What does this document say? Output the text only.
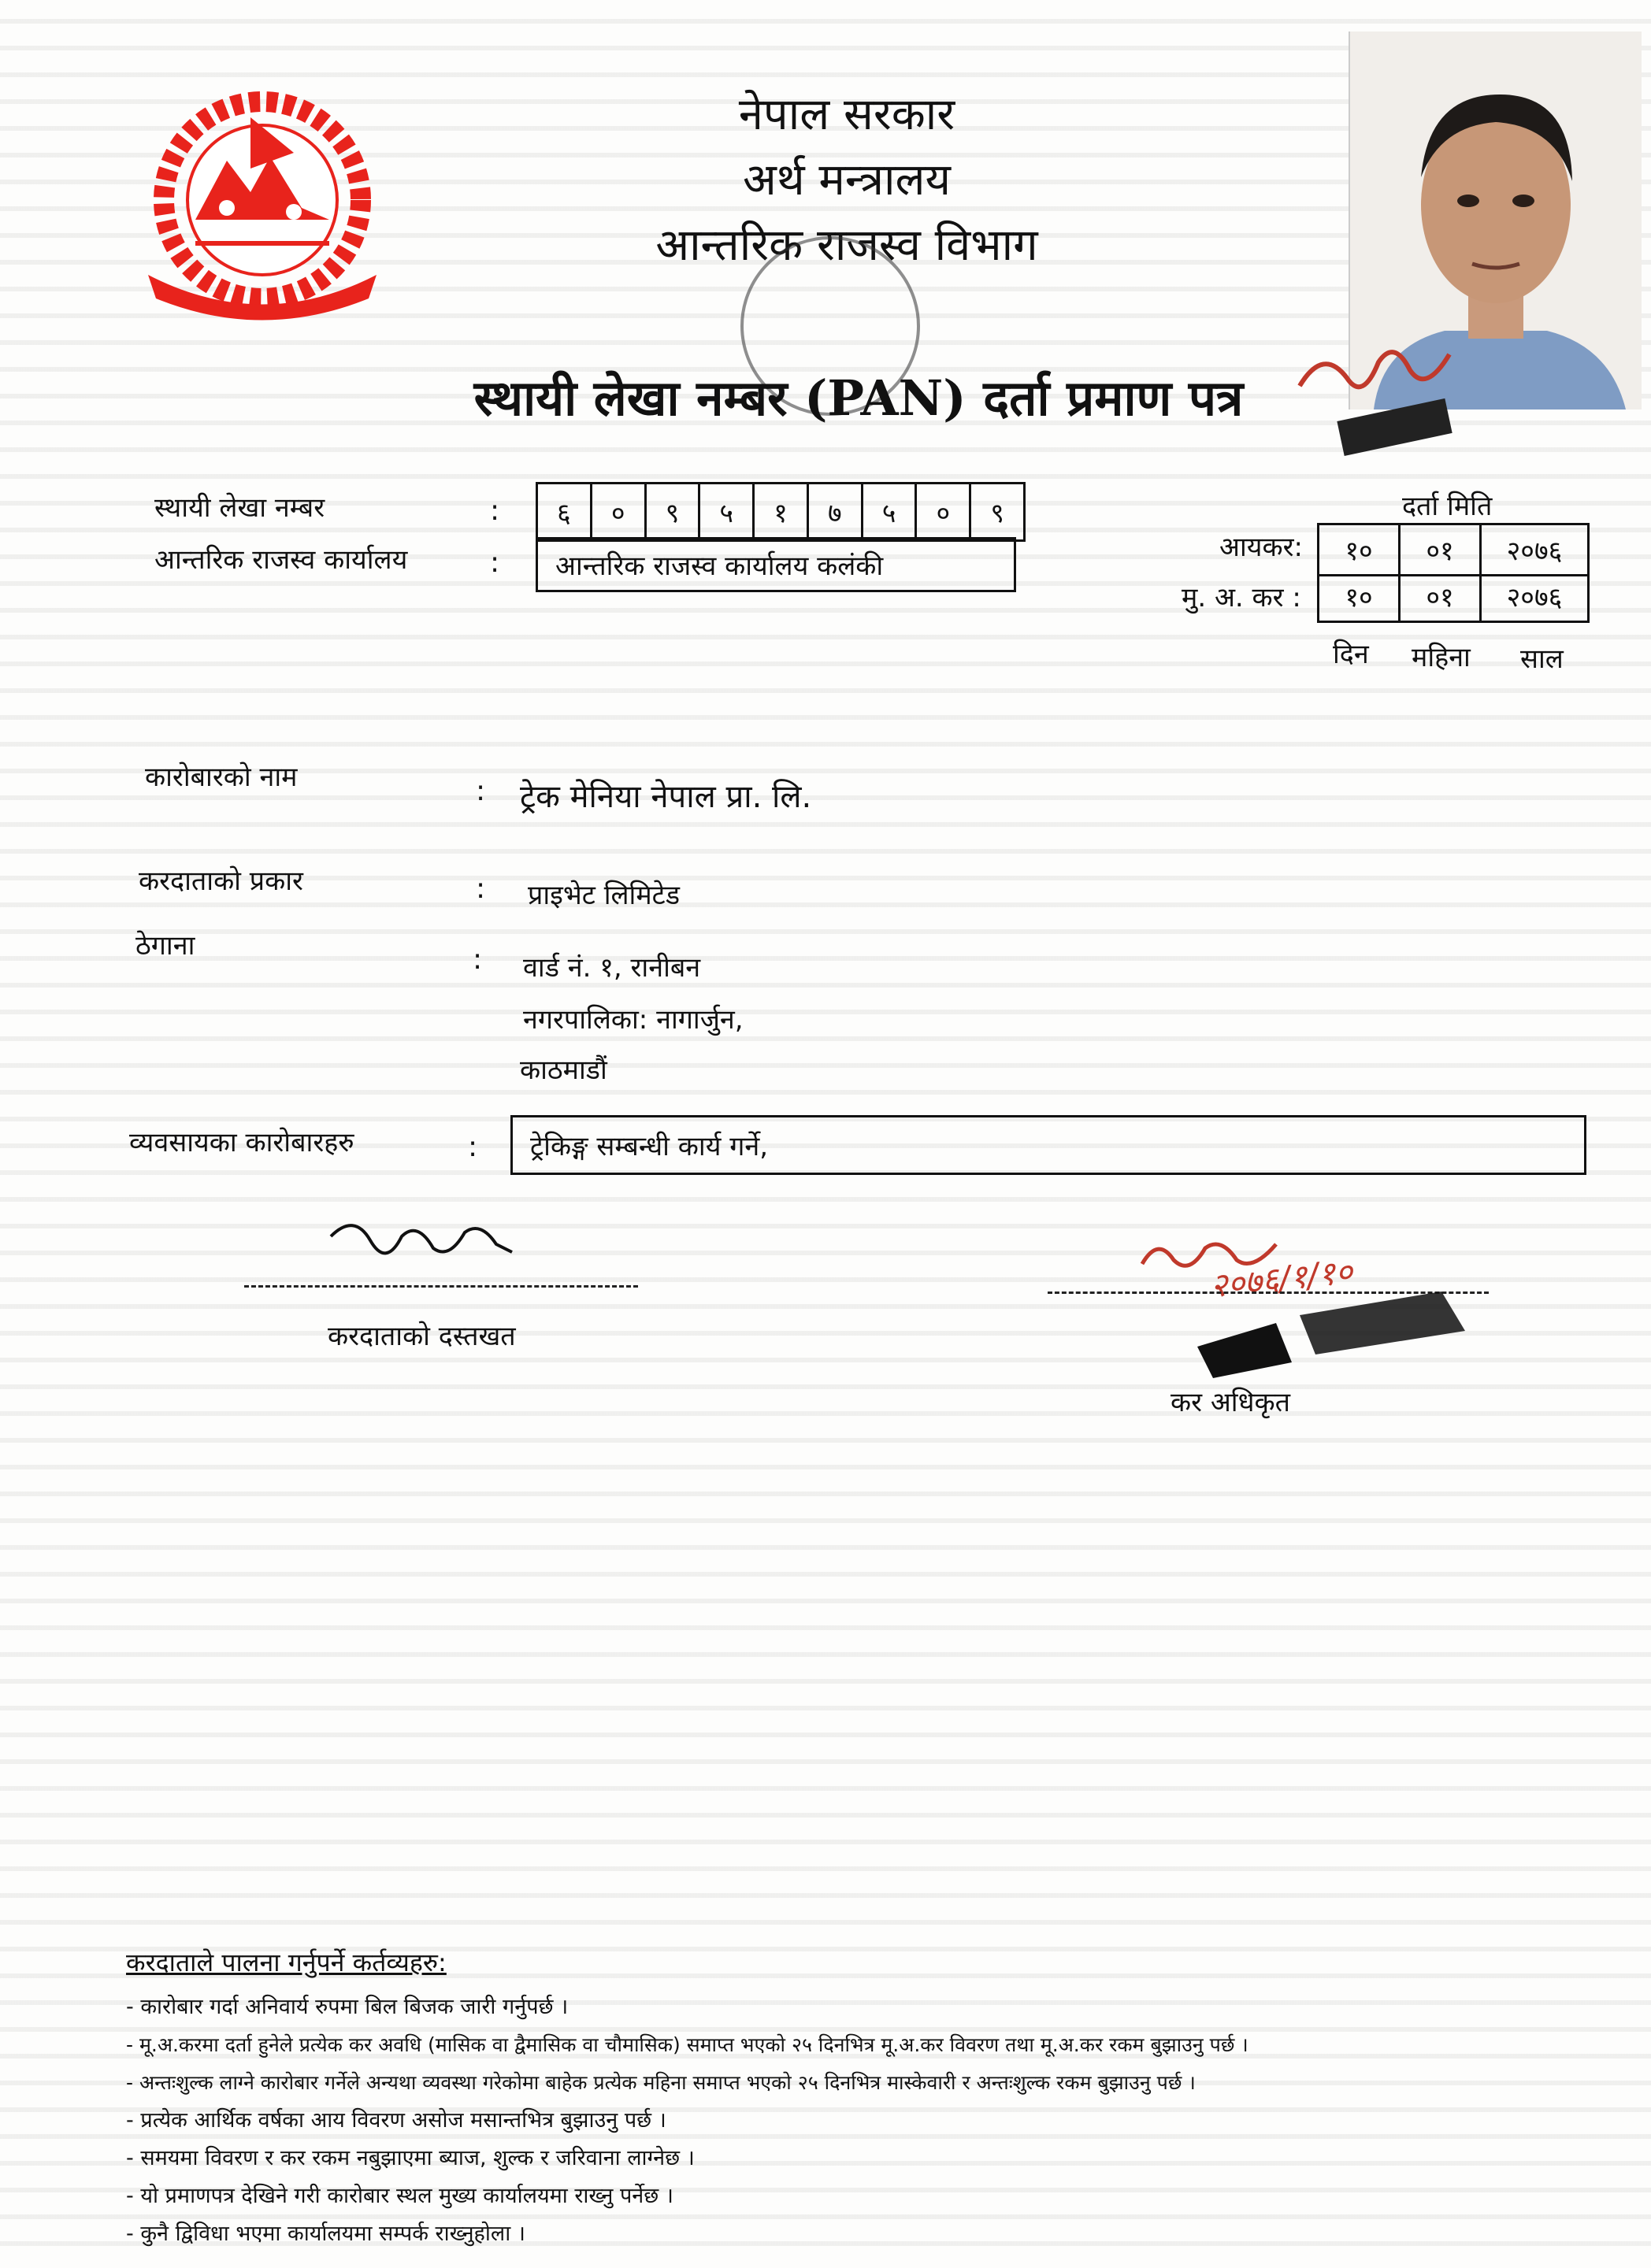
नेपाल सरकार
अर्थ मन्त्रालय
आन्तरिक राजस्व विभाग
स्थायी लेखा नम्बर (PAN) दर्ता प्रमाण पत्र
स्थायी लेखा नम्बर	:	६	०	९	५	१	७	५	०	९
आन्तरिक राजस्व कार्यालय	: आन्तरिक राजस्व कार्यालय कलंकी
दर्ता मिति
आयकर:	१०	०१	२०७६
मु. अ. कर :	१०	०१	२०७६
दिन महिना साल
कारोबारको नाम	: ट्रेक मेनिया नेपाल प्रा. लि.
करदाताको प्रकार	: प्राइभेट लिमिटेड
ठेगाना	: वार्ड नं. १, रानीबन
नगरपालिका: नागार्जुन,
काठमाडौं
व्यवसायका कारोबारहरु	: ट्रेकिङ्ग सम्बन्धी कार्य गर्ने,
करदाताको दस्तखत
२०७६/१/१०
कर अधिकृत
करदाताले पालना गर्नुपर्ने कर्तव्यहरु:
- कारोबार गर्दा अनिवार्य रुपमा बिल बिजक जारी गर्नुपर्छ ।
- मू.अ.करमा दर्ता हुनेले प्रत्येक कर अवधि (मासिक वा द्वैमासिक वा चौमासिक) समाप्त भएको २५ दिनभित्र मू.अ.कर विवरण तथा मू.अ.कर रकम बुझाउनु पर्छ ।
- अन्तःशुल्क लाग्ने कारोबार गर्नेले अन्यथा व्यवस्था गरेकोमा बाहेक प्रत्येक महिना समाप्त भएको २५ दिनभित्र मास्केवारी र अन्तःशुल्क रकम बुझाउनु पर्छ ।
- प्रत्येक आर्थिक वर्षका आय विवरण असोज मसान्तभित्र बुझाउनु पर्छ ।
- समयमा विवरण र कर रकम नबुझाएमा ब्याज, शुल्क र जरिवाना लाग्नेछ ।
- यो प्रमाणपत्र देखिने गरी कारोबार स्थल मुख्य कार्यालयमा राख्नु पर्नेछ ।
- कुनै द्विविधा भएमा कार्यालयमा सम्पर्क राख्नुहोला ।
